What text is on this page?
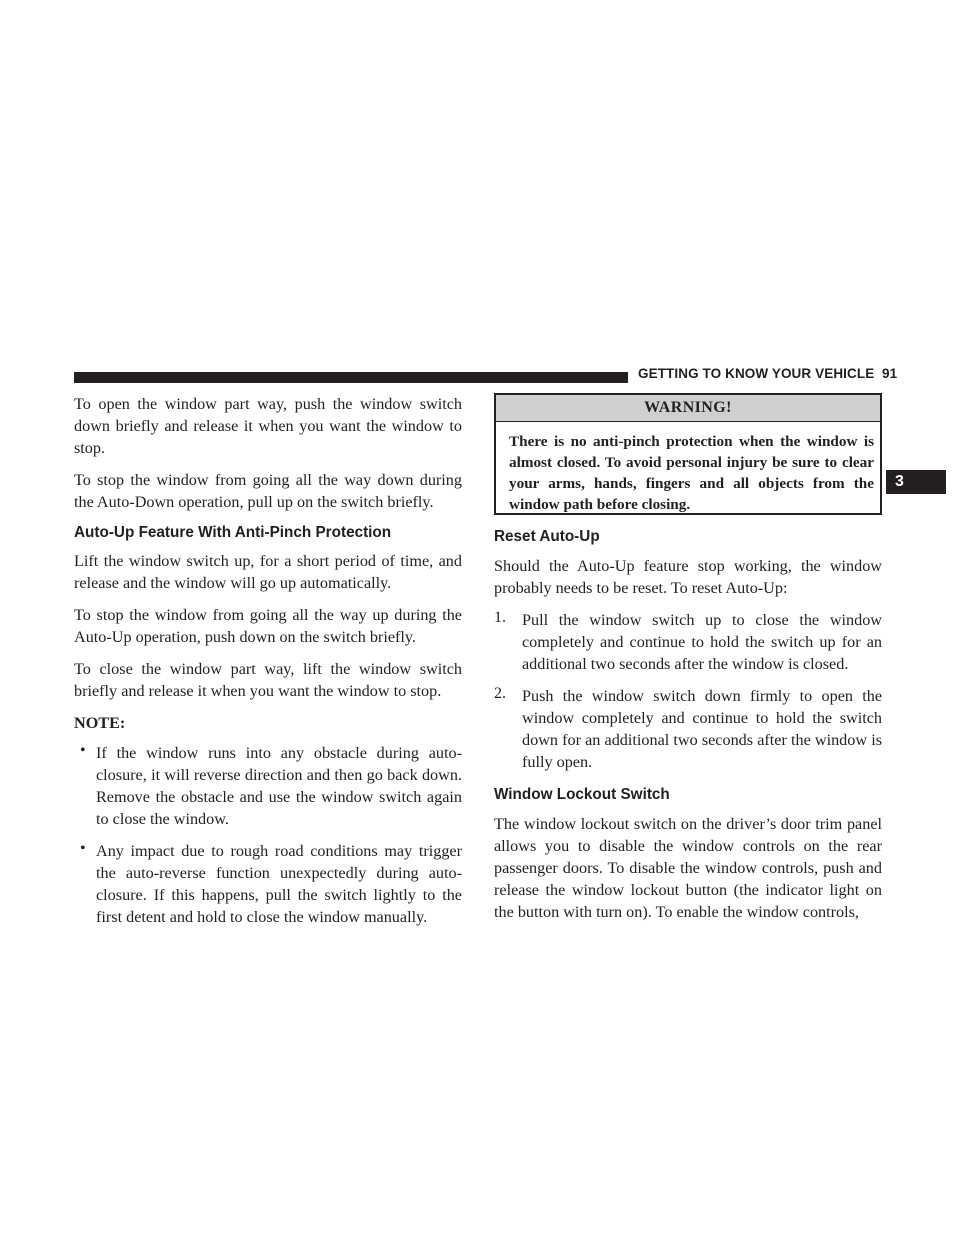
GETTING TO KNOW YOUR VEHICLE 91
3

To open the window part way, push the window switch down briefly and release it when you want the window to stop.

To stop the window from going all the way down during the Auto-Down operation, pull up on the switch briefly.

Auto-Up Feature With Anti-Pinch Protection

Lift the window switch up, for a short period of time, and release and the window will go up automatically.

To stop the window from going all the way up during the Auto-Up operation, push down on the switch briefly.

To close the window part way, lift the window switch briefly and release it when you want the window to stop.

NOTE:

• If the window runs into any obstacle during auto-closure, it will reverse direction and then go back down. Remove the obstacle and use the window switch again to close the window.

• Any impact due to rough road conditions may trigger the auto-reverse function unexpectedly during auto-closure. If this happens, pull the switch lightly to the first detent and hold to close the window manually.

WARNING!

There is no anti-pinch protection when the window is almost closed. To avoid personal injury be sure to clear your arms, hands, fingers and all objects from the window path before closing.

Reset Auto-Up

Should the Auto-Up feature stop working, the window probably needs to be reset. To reset Auto-Up:

1. Pull the window switch up to close the window completely and continue to hold the switch up for an additional two seconds after the window is closed.

2. Push the window switch down firmly to open the window completely and continue to hold the switch down for an additional two seconds after the window is fully open.

Window Lockout Switch

The window lockout switch on the driver’s door trim panel allows you to disable the window controls on the rear passenger doors. To disable the window controls, push and release the window lockout button (the indicator light on the button with turn on). To enable the window controls,
